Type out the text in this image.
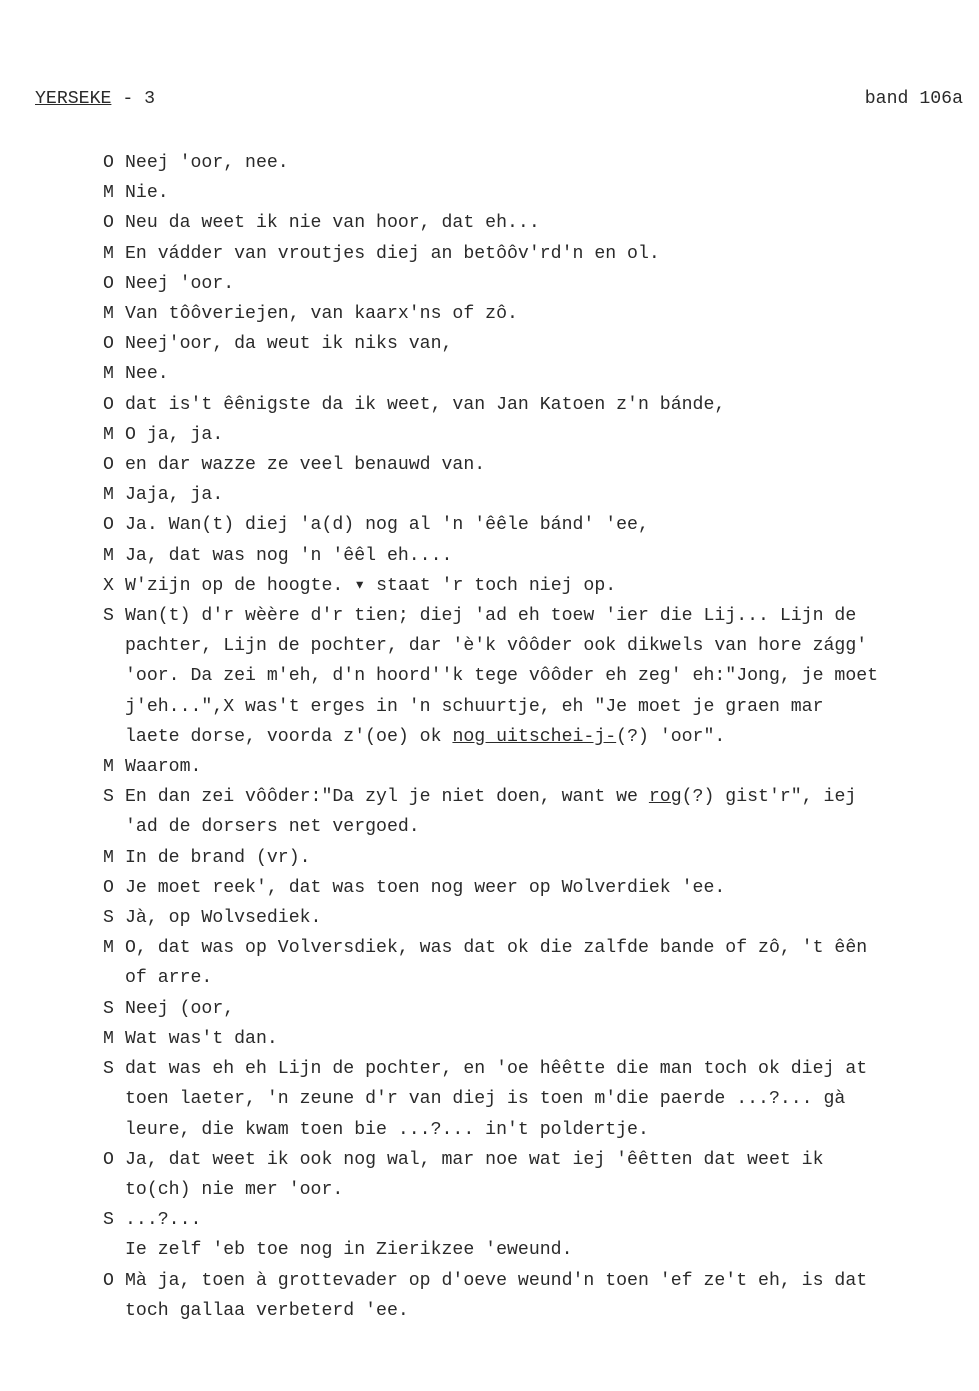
YERSEKE - 3	band 106a
O Neej 'oor, nee.
M Nie.
O Neu da weet ik nie van hoor, dat eh...
M En vádder van vroutjes diej an betôôv'rd'n en ol.
O Neej 'oor.
M Van tôôveriejen, van kaarx'ns of zô.
O Neej'oor, da weut ik niks van,
M Nee.
O dat is't êênigste da ik weet, van Jan Katoen z'n bánde,
M O ja, ja.
O en dar wazze ze veel benauwd van.
M Jaja, ja.
O Ja. Wan(t) diej 'a(d) nog al 'n 'êêle bánd' 'ee,
M Ja, dat was nog 'n 'êêl eh....
X W'zijn op de hoogte. ▾ staat 'r toch niej op.
S Wan(t) d'r wèère d'r tien; diej 'ad eh toew 'ier die Lij... Lijn de
pachter, Lijn de pochter, dar 'è'k vôôder ook dikwels van hore zágg'
'oor. Da zei m'eh, d'n hoord''k tege vôôder eh zeg' eh:"Jong, je moet
j'eh...",X was't erges in 'n schuurtje, eh "Je moet je graen mar
laete dorse, voorda z'(oe) ok nog uitschei-j-(?) 'oor".
M Waarom.
S En dan zei vôôder:"Da zyl je niet doen, want we rog(?) gist'r", iej
'ad de dorsers net vergoed.
M In de brand (vr).
O Je moet reek', dat was toen nog weer op Wolverdiek 'ee.
S Jà, op Wolvsediek.
M O, dat was op Volversdiek, was dat ok die zalfde bande of zô, 't êên
of arre.
S Neej (oor,
M Wat was't dan.
S dat was eh eh Lijn de pochter, en 'oe hêêtte die man toch ok diej at
toen laeter, 'n zeune d'r van diej is toen m'die paerde ...?... gà
leure, die kwam toen bie ...?... in't poldertje.
O Ja, dat weet ik ook nog wal, mar noe wat iej 'êêtten dat weet ik
to(ch) nie mer 'oor.
S ...?...
Ie zelf 'eb toe nog in Zierikzee 'eweund.
O Mà ja, toen à grottevader op d'oeve weund'n toen 'ef ze't eh, is dat
toch gallaa verbeterd 'ee.
